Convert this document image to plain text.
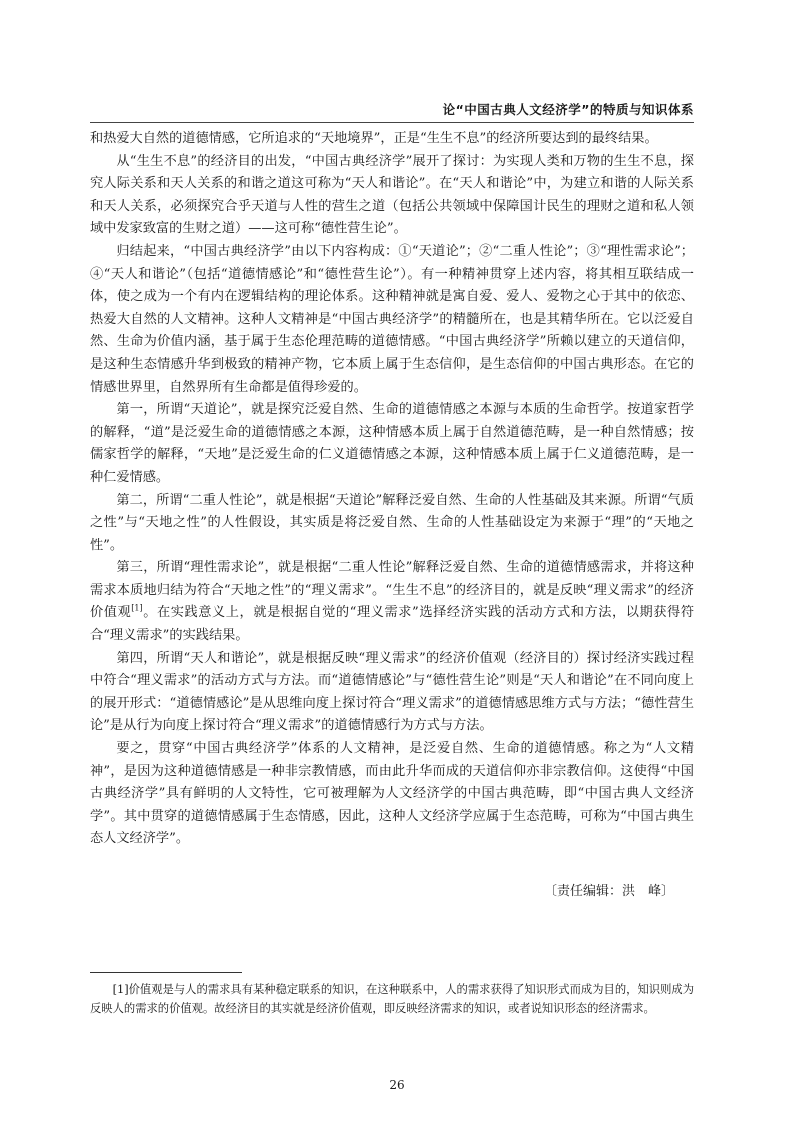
论“中国古典人文经济学”的特质与知识体系

和热爱大自然的道德情感，它所追求的“天地境界”，正是“生生不息”的经济所要达到的最终结果。

从“生生不息”的经济目的出发，“中国古典经济学”展开了探讨：为实现人类和万物的生生不息，探究人际关系和天人关系的和谐之道这可称为“天人和谐论”。在“天人和谐论”中，为建立和谐的人际关系和天人关系，必须探究合乎天道与人性的营生之道（包括公共领域中保障国计民生的理财之道和私人领域中发家致富的生财之道）——这可称“德性营生论”。

归结起来，“中国古典经济学”由以下内容构成：①“天道论”；②“二重人性论”；③“理性需求论”；④“天人和谐论”（包括“道德情感论”和“德性营生论”）。有一种精神贯穿上述内容，将其相互联结成一体，使之成为一个有内在逻辑结构的理论体系。这种精神就是寓自爱、爱人、爱物之心于其中的依恋、热爱大自然的人文精神。这种人文精神是“中国古典经济学”的精髓所在，也是其精华所在。它以泛爱自然、生命为价值内涵，基于属于生态伦理范畴的道德情感。“中国古典经济学”所赖以建立的天道信仰，是这种生态情感升华到极致的精神产物，它本质上属于生态信仰，是生态信仰的中国古典形态。在它的情感世界里，自然界所有生命都是值得珍爱的。

第一，所谓“天道论”，就是探究泛爱自然、生命的道德情感之本源与本质的生命哲学。按道家哲学的解释，“道”是泛爱生命的道德情感之本源，这种情感本质上属于自然道德范畴，是一种自然情感；按儒家哲学的解释，“天地”是泛爱生命的仁义道德情感之本源，这种情感本质上属于仁义道德范畴，是一种仁爱情感。

第二，所谓“二重人性论”，就是根据“天道论”解释泛爱自然、生命的人性基础及其来源。所谓“气质之性”与“天地之性”的人性假设，其实质是将泛爱自然、生命的人性基础设定为来源于“理”的“天地之性”。

第三，所谓“理性需求论”，就是根据“二重人性论”解释泛爱自然、生命的道德情感需求，并将这种需求本质地归结为符合“天地之性”的“理义需求”。“生生不息”的经济目的，就是反映“理义需求”的经济价值观[1]。在实践意义上，就是根据自觉的“理义需求”选择经济实践的活动方式和方法，以期获得符合“理义需求”的实践结果。

第四，所谓“天人和谐论”，就是根据反映“理义需求”的经济价值观（经济目的）探讨经济实践过程中符合“理义需求”的活动方式与方法。而“道德情感论”与“德性营生论”则是“天人和谐论”在不同向度上的展开形式：“道德情感论”是从思维向度上探讨符合“理义需求”的道德情感思维方式与方法；“德性营生论”是从行为向度上探讨符合“理义需求”的道德情感行为方式与方法。

要之，贯穿“中国古典经济学”体系的人文精神，是泛爱自然、生命的道德情感。称之为“人文精神”，是因为这种道德情感是一种非宗教情感，而由此升华而成的天道信仰亦非宗教信仰。这使得“中国古典经济学”具有鲜明的人文特性，它可被理解为人文经济学的中国古典范畴，即“中国古典人文经济学”。其中贯穿的道德情感属于生态情感，因此，这种人文经济学应属于生态范畴，可称为“中国古典生态人文经济学”。

〔责任编辑：洪　峰〕

[1]价值观是与人的需求具有某种稳定联系的知识，在这种联系中，人的需求获得了知识形式而成为目的，知识则成为反映人的需求的价值观。故经济目的其实就是经济价值观，即反映经济需求的知识，或者说知识形态的经济需求。

26
